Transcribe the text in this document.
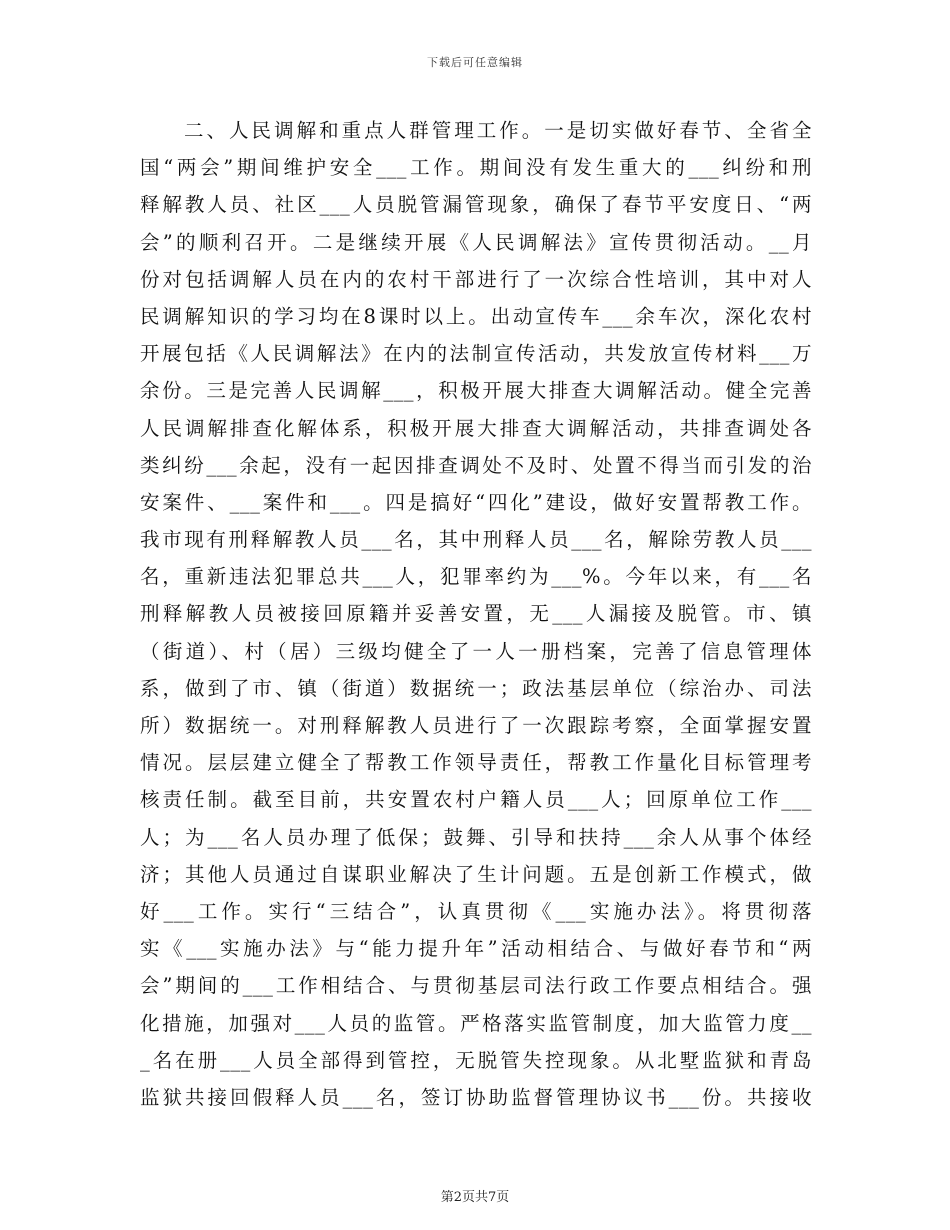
下载后可任意编辑
二、人民调解和重点人群管理工作。一是切实做好春节、全省全
国“两会”期间维护安全___工作。期间没有发生重大的___纠纷和刑
释解教人员、社区___人员脱管漏管现象，确保了春节平安度日、“两
会”的顺利召开。二是继续开展《人民调解法》宣传贯彻活动。__月
份对包括调解人员在内的农村干部进行了一次综合性培训，其中对人
民调解知识的学习均在8课时以上。出动宣传车___余车次，深化农村
开展包括《人民调解法》在内的法制宣传活动，共发放宣传材料___万
余份。三是完善人民调解___，积极开展大排查大调解活动。健全完善
人民调解排查化解体系，积极开展大排查大调解活动，共排查调处各
类纠纷___余起，没有一起因排查调处不及时、处置不得当而引发的治
安案件、___案件和___。四是搞好“四化”建设，做好安置帮教工作。
我市现有刑释解教人员___名，其中刑释人员___名，解除劳教人员___
名，重新违法犯罪总共___人，犯罪率约为___%。今年以来，有___名
刑释解教人员被接回原籍并妥善安置，无___人漏接及脱管。市、镇
（街道）、村（居）三级均健全了一人一册档案，完善了信息管理体
系，做到了市、镇（街道）数据统一；政法基层单位（综治办、司法
所）数据统一。对刑释解教人员进行了一次跟踪考察，全面掌握安置
情况。层层建立健全了帮教工作领导责任，帮教工作量化目标管理考
核责任制。截至目前，共安置农村户籍人员___人；回原单位工作___
人；为___名人员办理了低保；鼓舞、引导和扶持___余人从事个体经
济；其他人员通过自谋职业解决了生计问题。五是创新工作模式，做
好___工作。实行“三结合”，认真贯彻《___实施办法》。将贯彻落
实《___实施办法》与“能力提升年”活动相结合、与做好春节和“两
会”期间的___工作相结合、与贯彻基层司法行政工作要点相结合。强
化措施，加强对___人员的监管。严格落实监管制度，加大监管力度__
_名在册___人员全部得到管控，无脱管失控现象。从北墅监狱和青岛
监狱共接回假释人员___名，签订协助监督管理协议书___份。共接收
第2页共7页
